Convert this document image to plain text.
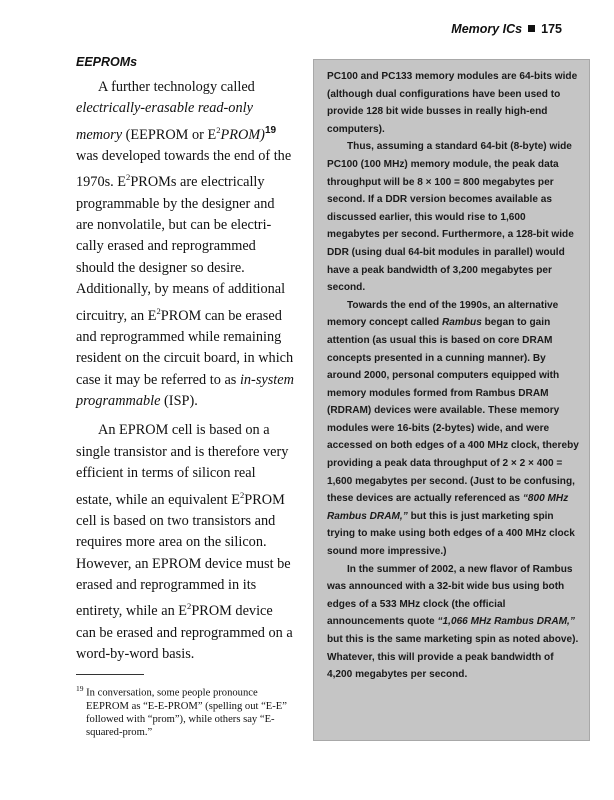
Memory ICs 175
EEPROMs

A further technology called electrically-erasable read-only memory (EEPROM or $E^2PROM)^{19}$ was developed towards the end of the 1970s. $E^2PROMs$ are electrically programmable by the designer and are nonvolatile, but can be electrically erased and reprogrammed should the designer so desire. Additionally, by means of additional circuitry, an $E^2PROM$ can be erased and reprogrammed while remaining resident on the circuit board, in which case it may be referred to as in-system programmable (ISP).

An EPROM cell is based on a single transistor and is therefore very efficient in terms of silicon real estate, while an equivalent $E^2PROM$ cell is based on two transistors and requires more area on the silicon. However, an EPROM device must be erased and reprogrammed in its entirety, while an $E^2PROM$ device can be erased and reprogrammed on a word-by-word basis.

$^{19}$ In conversation, some people pronounce
EEPROM as “E-E-PROM” (spelling out “E-E” followed with “prom”), while others say “E-squared-prom.”

PC100 and PC133 memory modules are 64-bits wide (although dual configurations have been used to provide 128 bit wide busses in really high-end computers).

Thus, assuming a standard 64-bit (8-byte) wide PC100 (100 MHz) memory module, the peak data throughput will be 8 × 100 = 800 megabytes per second. If a DDR version becomes available as discussed earlier, this would rise to 1,600 megabytes per second. Furthermore, a 128-bit wide DDR (using dual 64-bit modules in parallel) would have a peak bandwidth of 3,200 megabytes per second.

Towards the end of the 1990s, an alternative memory concept called Rambus began to gain attention (as usual this is based on core DRAM concepts presented in a cunning manner). By around 2000, personal computers equipped with memory modules formed from Rambus DRAM (RDRAM) devices were available. These memory modules were 16-bits (2-bytes) wide, and were accessed on both edges of a 400 MHz clock, thereby providing a peak data throughput of 2 × 2 × 400 = 1,600 megabytes per second. (Just to be confusing, these devices are actually referenced as “800 MHz Rambus DRAM,” but this is just marketing spin trying to make using both edges of a 400 MHz clock sound more impressive.)

In the summer of 2002, a new flavor of Rambus was announced with a 32-bit wide bus using both edges of a 533 MHz clock (the official announcements quote “1,066 MHz Rambus DRAM,” but this is the same marketing spin as noted above). Whatever, this will provide a peak bandwidth of 4,200 megabytes per second.
